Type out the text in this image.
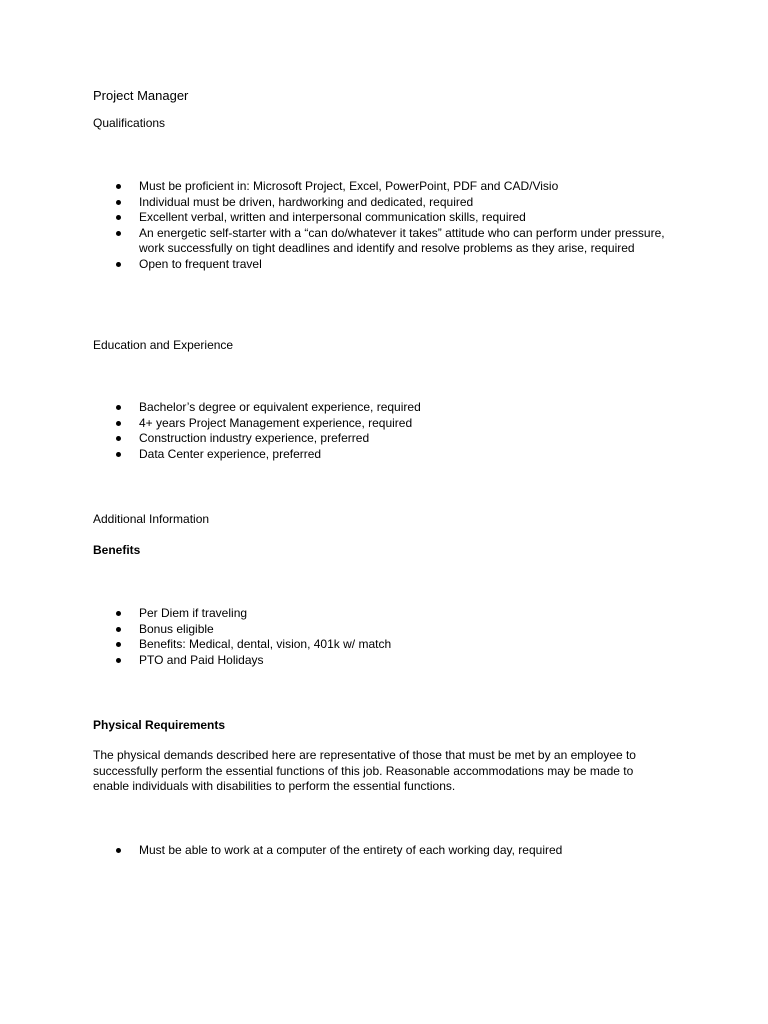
Project Manager
Qualifications
Must be proficient in: Microsoft Project, Excel, PowerPoint, PDF and CAD/Visio
Individual must be driven, hardworking and dedicated, required
Excellent verbal, written and interpersonal communication skills, required
An energetic self-starter with a “can do/whatever it takes” attitude who can perform under pressure, work successfully on tight deadlines and identify and resolve problems as they arise, required
Open to frequent travel
Education and Experience
Bachelor’s degree or equivalent experience, required
4+ years Project Management experience, required
Construction industry experience, preferred
Data Center experience, preferred
Additional Information
Benefits
Per Diem if traveling
Bonus eligible
Benefits: Medical, dental, vision, 401k w/ match
PTO and Paid Holidays
Physical Requirements

The physical demands described here are representative of those that must be met by an employee to successfully perform the essential functions of this job. Reasonable accommodations may be made to enable individuals with disabilities to perform the essential functions.

Must be able to work at a computer of the entirety of each working day, required
